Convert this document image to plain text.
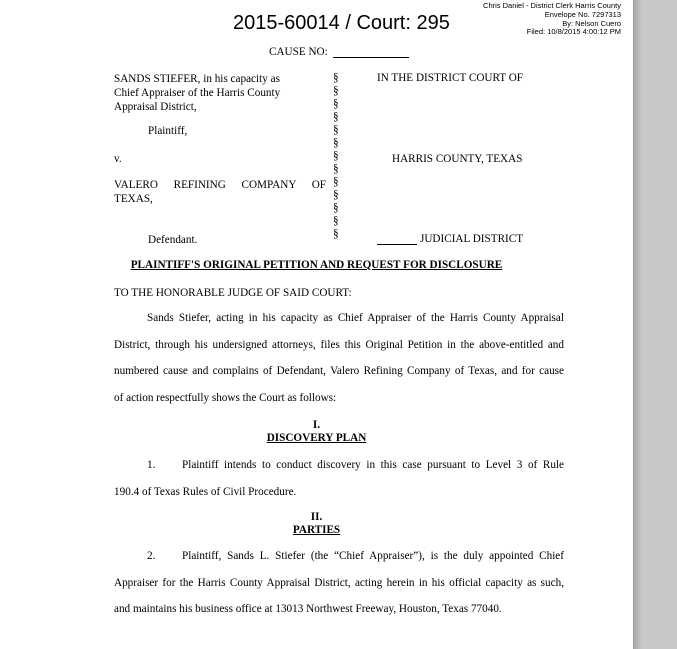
Chris Daniel - District Clerk Harris County
Envelope No. 7297313
By: Nelson Cuero
Filed: 10/8/2015 4:00:12 PM
2015-60014 / Court: 295
CAUSE NO:
SANDS STIEFER, in his capacity as
Chief Appraiser of the Harris County
Appraisal District,
Plaintiff,
v.
VALERO REFINING COMPANY OF
TEXAS,
Defendant.
§
§
§
§
§
§
§
§
§
§
§
§
§
IN THE DISTRICT COURT OF
HARRIS COUNTY, TEXAS
JUDICIAL DISTRICT
PLAINTIFF'S ORIGINAL PETITION AND REQUEST FOR DISCLOSURE
TO THE HONORABLE JUDGE OF SAID COURT:
Sands Stiefer, acting in his capacity as Chief Appraiser of the Harris County Appraisal
District, through his undersigned attorneys, files this Original Petition in the above-entitled and
numbered cause and complains of Defendant, Valero Refining Company of Texas, and for cause
of action respectfully shows the Court as follows:
I.
DISCOVERY PLAN
1. Plaintiff intends to conduct discovery in this case pursuant to Level 3 of Rule
190.4 of Texas Rules of Civil Procedure.
II.
PARTIES
2. Plaintiff, Sands L. Stiefer (the “Chief Appraiser”), is the duly appointed Chief
Appraiser for the Harris County Appraisal District, acting herein in his official capacity as such,
and maintains his business office at 13013 Northwest Freeway, Houston, Texas 77040.
